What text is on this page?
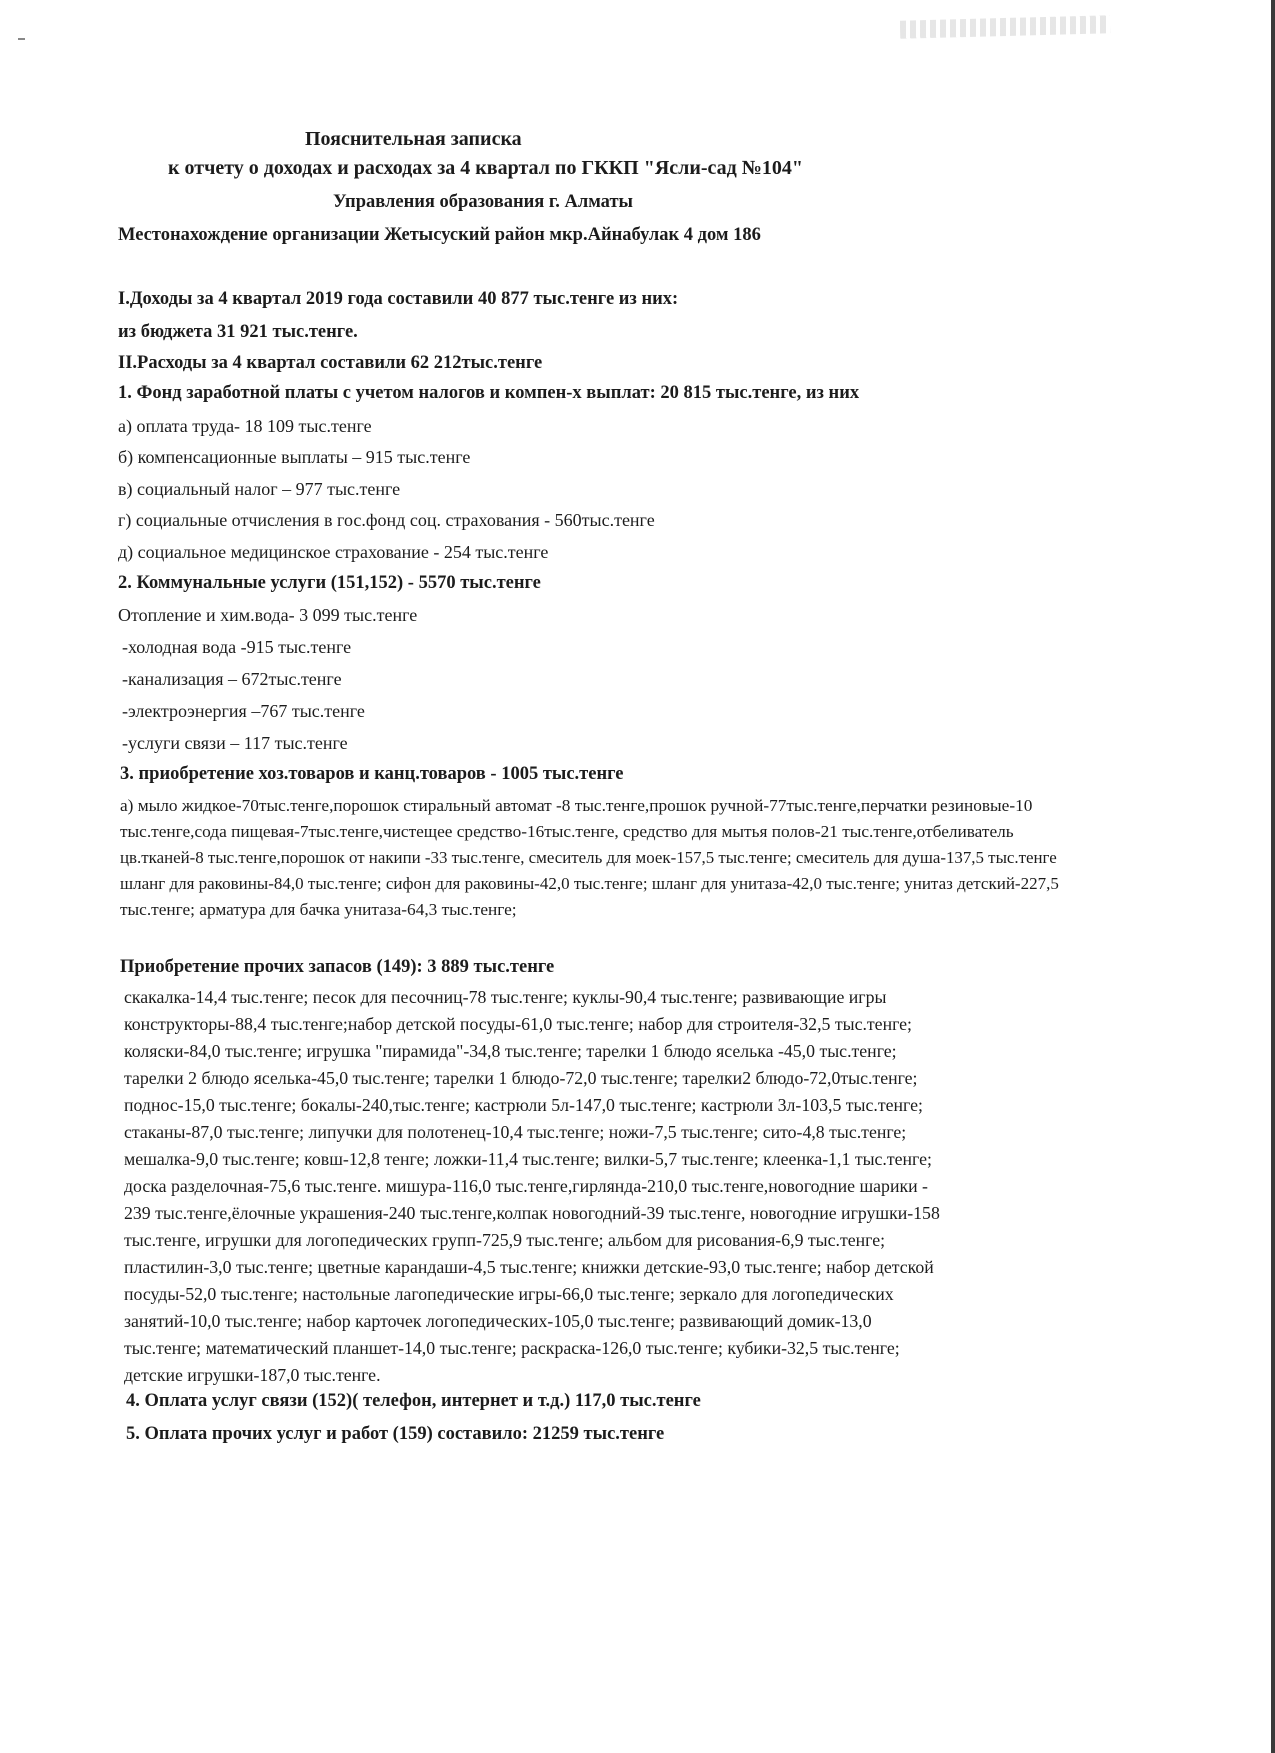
Пояснительная записка

к отчету о доходах и расходах за 4 квартал по ГККП "Ясли-сад №104"

Управления образования г. Алматы

Местонахождение организации Жетысуский район мкр.Айнабулак 4 дом 186

I.Доходы за 4 квартал 2019 года составили 40 877 тыс.тенге из них:

из бюджета 31 921 тыс.тенге.

II.Расходы за 4 квартал составили 62 212тыс.тенге

1. Фонд заработной платы с учетом налогов и компен-х выплат: 20 815 тыс.тенге, из них

а) оплата труда- 18 109 тыс.тенге

б) компенсационные выплаты – 915 тыс.тенге

в) социальный налог – 977 тыс.тенге

г) социальные отчисления в гос.фонд соц. страхования - 560тыс.тенге

д) социальное медицинское страхование - 254 тыс.тенге

2. Коммунальные услуги (151,152) - 5570 тыс.тенге

Отопление и хим.вода- 3 099 тыс.тенге

-холодная вода -915 тыс.тенге

-канализация – 672тыс.тенге

-электроэнергия –767 тыс.тенге

-услуги связи – 117 тыс.тенге

3. приобретение хоз.товаров и канц.товаров - 1005 тыс.тенге

а) мыло жидкое-70тыс.тенге,порошок стиральный автомат -8 тыс.тенге,прошок ручной-77тыс.тенге,перчатки резиновые-10

тыс.тенге,сода пищевая-7тыс.тенге,чистещее средство-16тыс.тенге, средство для мытья полов-21 тыс.тенге,отбеливатель

цв.тканей-8 тыс.тенге,порошок от накипи -33 тыс.тенге, смеситель для моек-157,5 тыс.тенге; смеситель для душа-137,5 тыс.тенге

шланг для раковины-84,0 тыс.тенге; сифон для раковины-42,0 тыс.тенге; шланг для унитаза-42,0 тыс.тенге; унитаз детский-227,5

тыс.тенге; арматура для бачка унитаза-64,3 тыс.тенге;

Приобретение прочих запасов (149): 3 889 тыс.тенге

скакалка-14,4 тыс.тенге; песок для песочниц-78 тыс.тенге; куклы-90,4 тыс.тенге; развивающие игры

конструкторы-88,4 тыс.тенге;набор детской посуды-61,0 тыс.тенге; набор для строителя-32,5 тыс.тенге;

коляски-84,0 тыс.тенге; игрушка "пирамида"-34,8 тыс.тенге; тарелки 1 блюдо яселька -45,0 тыс.тенге;

тарелки 2 блюдо яселька-45,0 тыс.тенге; тарелки 1 блюдо-72,0 тыс.тенге; тарелки2 блюдо-72,0тыс.тенге;

поднос-15,0 тыс.тенге; бокалы-240,тыс.тенге; кастрюли 5л-147,0 тыс.тенге; кастрюли 3л-103,5 тыс.тенге;

стаканы-87,0 тыс.тенге; липучки для полотенец-10,4 тыс.тенге; ножи-7,5 тыс.тенге; сито-4,8 тыс.тенге;

мешалка-9,0 тыс.тенге; ковш-12,8 тенге; ложки-11,4 тыс.тенге; вилки-5,7 тыс.тенге; клеенка-1,1 тыс.тенге;

доска разделочная-75,6 тыс.тенге. мишура-116,0 тыс.тенге,гирлянда-210,0 тыс.тенге,новогодние шарики -

239 тыс.тенге,ёлочные украшения-240 тыс.тенге,колпак новогодний-39 тыс.тенге, новогодние игрушки-158

тыс.тенге, игрушки для логопедических групп-725,9 тыс.тенге; альбом для рисования-6,9 тыс.тенге;

пластилин-3,0 тыс.тенге; цветные карандаши-4,5 тыс.тенге; книжки детские-93,0 тыс.тенге; набор детской

посуды-52,0 тыс.тенге; настольные лагопедические игры-66,0 тыс.тенге; зеркало для логопедических

занятий-10,0 тыс.тенге; набор карточек логопедических-105,0 тыс.тенге; развивающий домик-13,0

тыс.тенге; математический планшет-14,0 тыс.тенге; раскраска-126,0 тыс.тенге; кубики-32,5 тыс.тенге;

детские игрушки-187,0 тыс.тенге.

4. Оплата услуг связи (152)( телефон, интернет и т.д.) 117,0 тыс.тенге

5. Оплата прочих услуг и работ (159) составило: 21259 тыс.тенге
